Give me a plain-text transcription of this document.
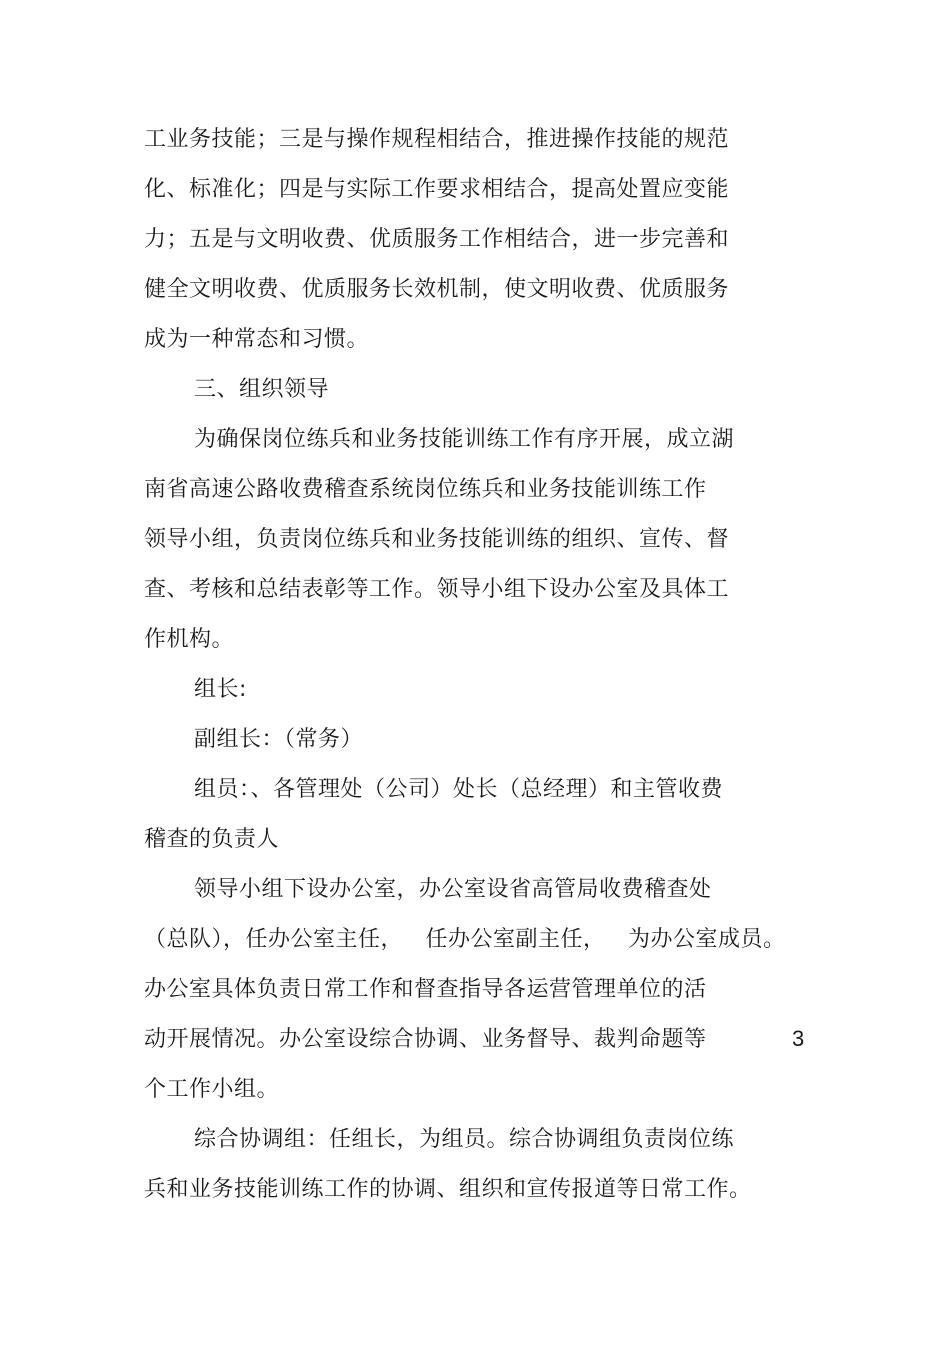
工业务技能；三是与操作规程相结合，推进操作技能的规范
化、标准化；四是与实际工作要求相结合，提高处置应变能
力；五是与文明收费、优质服务工作相结合，进一步完善和
健全文明收费、优质服务长效机制，使文明收费、优质服务
成为一种常态和习惯。
三、组织领导
为确保岗位练兵和业务技能训练工作有序开展，成立湖
南省高速公路收费稽查系统岗位练兵和业务技能训练工作
领导小组，负责岗位练兵和业务技能训练的组织、宣传、督
查、考核和总结表彰等工作。领导小组下设办公室及具体工
作机构。
组长:
副组长：（常务）
组员：、各管理处（公司）处长（总经理）和主管收费
稽查的负责人
领导小组下设办公室，办公室设省高管局收费稽查处
（总队），任办公室主任，   任办公室副主任，   为办公室成员。
办公室具体负责日常工作和督查指导各运营管理单位的活
动开展情况。办公室设综合协调、业务督导、裁判命题等
个工作小组。
综合协调组：任组长，为组员。综合协调组负责岗位练
兵和业务技能训练工作的协调、组织和宣传报道等日常工作。
3
